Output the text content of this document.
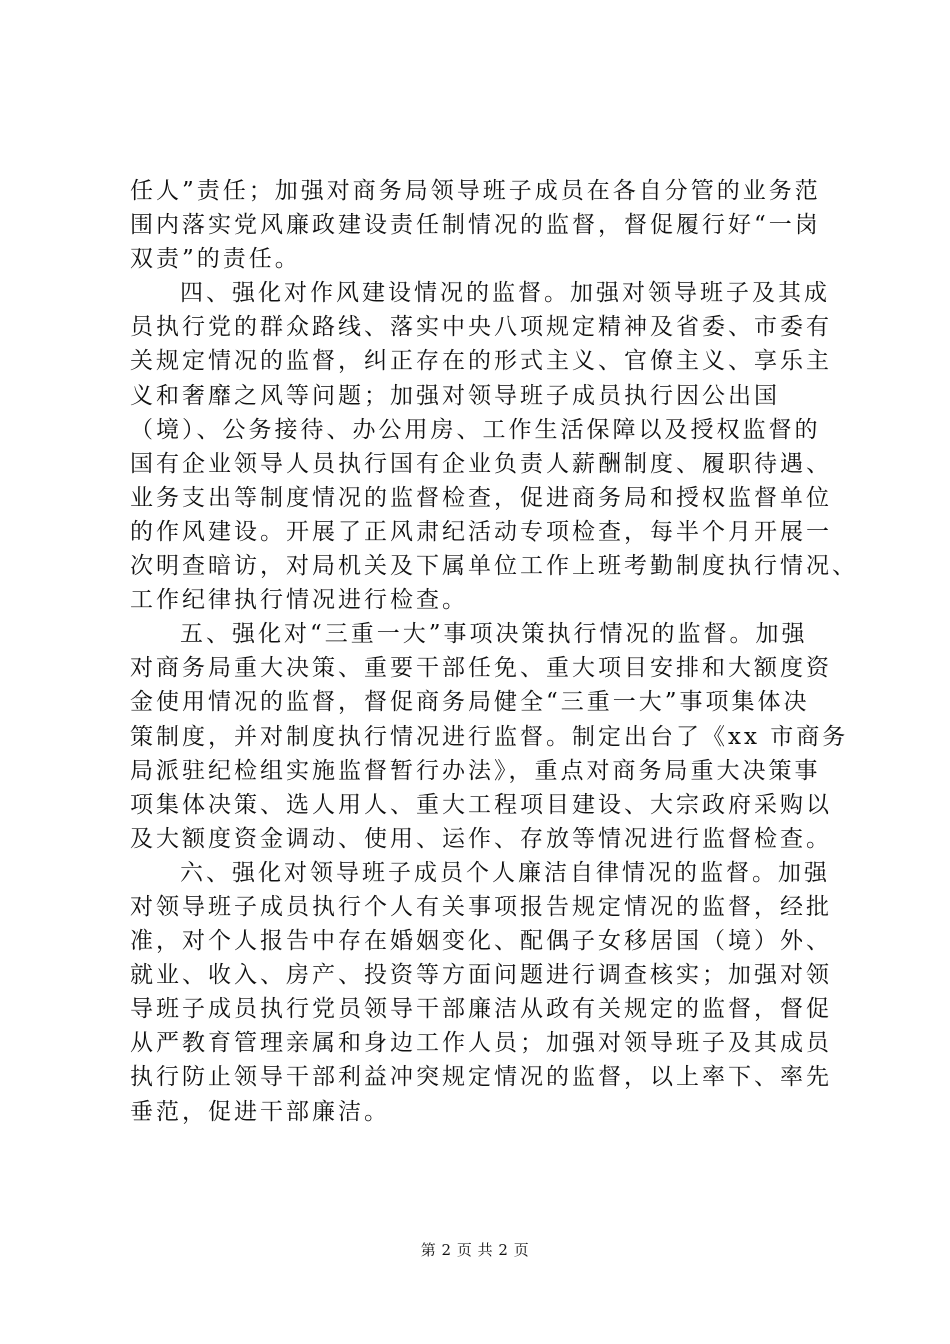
任人”责任；加强对商务局领导班子成员在各自分管的业务范
围内落实党风廉政建设责任制情况的监督，督促履行好“一岗
双责”的责任。
四、强化对作风建设情况的监督。加强对领导班子及其成
员执行党的群众路线、落实中央八项规定精神及省委、市委有
关规定情况的监督，纠正存在的形式主义、官僚主义、享乐主
义和奢靡之风等问题；加强对领导班子成员执行因公出国
（境）、公务接待、办公用房、工作生活保障以及授权监督的
国有企业领导人员执行国有企业负责人薪酬制度、履职待遇、
业务支出等制度情况的监督检查，促进商务局和授权监督单位
的作风建设。开展了正风肃纪活动专项检查，每半个月开展一
次明查暗访，对局机关及下属单位工作上班考勤制度执行情况、
工作纪律执行情况进行检查。
五、强化对“三重一大”事项决策执行情况的监督。加强
对商务局重大决策、重要干部任免、重大项目安排和大额度资
金使用情况的监督，督促商务局健全“三重一大”事项集体决
策制度，并对制度执行情况进行监督。制定出台了《xx 市商务
局派驻纪检组实施监督暂行办法》，重点对商务局重大决策事
项集体决策、选人用人、重大工程项目建设、大宗政府采购以
及大额度资金调动、使用、运作、存放等情况进行监督检查。
六、强化对领导班子成员个人廉洁自律情况的监督。加强
对领导班子成员执行个人有关事项报告规定情况的监督，经批
准，对个人报告中存在婚姻变化、配偶子女移居国（境）外、
就业、收入、房产、投资等方面问题进行调查核实；加强对领
导班子成员执行党员领导干部廉洁从政有关规定的监督，督促
从严教育管理亲属和身边工作人员；加强对领导班子及其成员
执行防止领导干部利益冲突规定情况的监督，以上率下、率先
垂范，促进干部廉洁。
第 2 页 共 2 页
